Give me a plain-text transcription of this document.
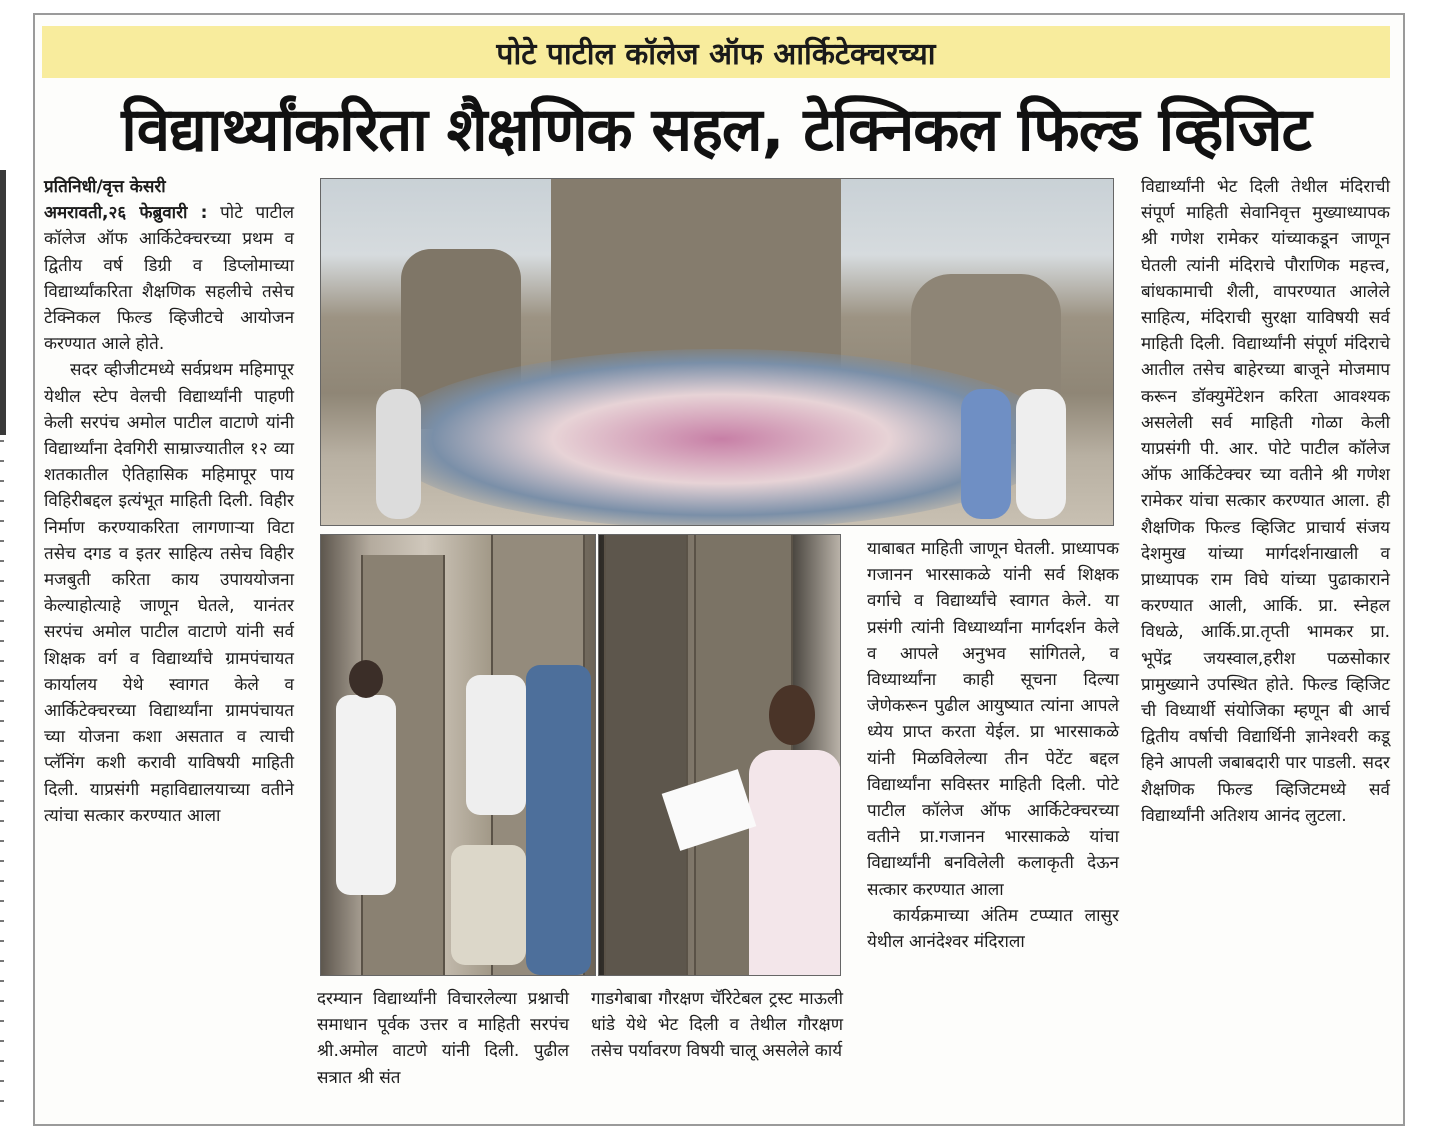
पोटे पाटील कॉलेज ऑफ आर्किटेक्चरच्या
विद्यार्थ्यांकरिता शैक्षणिक सहल, टेक्निकल फिल्ड व्हिजिट

प्रतिनिधी/वृत्त केसरी

अमरावती,२६ फेब्रुवारी : पोटे पाटील कॉलेज ऑफ आर्किटेक्चरच्या प्रथम व द्वितीय वर्ष डिग्री व डिप्लोमाच्या विद्यार्थ्यांकरिता शैक्षणिक सहलीचे तसेच टेक्निकल फिल्ड व्हिजीटचे आयोजन करण्यात आले होते.

सदर व्हीजीटमध्ये सर्वप्रथम महिमापूर येथील स्टेप वेलची विद्यार्थ्यांनी पाहणी केली सरपंच अमोल पाटील वाटाणे यांनी विद्यार्थ्यांना देवगिरी साम्राज्यातील १२ व्या शतकातील ऐतिहासिक महिमापूर पाय विहिरीबद्दल इत्यंभूत माहिती दिली. विहीर निर्माण करण्याकरिता लागणाऱ्या विटा तसेच दगड व इतर साहित्य तसेच विहीर मजबुती करिता काय उपाययोजना केल्याहोत्याहे जाणून घेतले, यानंतर सरपंच अमोल पाटील वाटाणे यांनी सर्व शिक्षक वर्ग व विद्यार्थ्यांचे ग्रामपंचायत कार्यालय येथे स्वागत केले व आर्किटेक्चरच्या विद्यार्थ्यांना ग्रामपंचायत च्या योजना कशा असतात व त्याची प्लॅनिंग कशी करावी याविषयी माहिती दिली. याप्रसंगी महाविद्यालयाच्या वतीने त्यांचा सत्कार करण्यात आला

दरम्यान विद्यार्थ्यांनी विचारलेल्या प्रश्नाची समाधान पूर्वक उत्तर व माहिती सरपंच श्री.अमोल वाटणे यांनी दिली. पुढील सत्रात श्री संत

गाडगेबाबा गौरक्षण चॅरिटेबल ट्रस्ट माऊली धांडे येथे भेट दिली व तेथील गौरक्षण तसेच पर्यावरण विषयी चालू असलेले कार्य

याबाबत माहिती जाणून घेतली. प्राध्यापक गजानन भारसाकळे यांनी सर्व शिक्षक वर्गाचे व विद्यार्थ्यांचे स्वागत केले. या प्रसंगी त्यांनी विध्यार्थ्यांना मार्गदर्शन केले व आपले अनुभव सांगितले, व विध्यार्थ्यांना काही सूचना दिल्या जेणेकरून पुढील आयुष्यात त्यांना आपले ध्येय प्राप्त करता येईल. प्रा भारसाकळे यांनी मिळविलेल्या तीन पेटेंट बद्दल विद्यार्थ्यांना सविस्तर माहिती दिली. पोटे पाटील कॉलेज ऑफ आर्किटेक्चरच्या वतीने प्रा.गजानन भारसाकळे यांचा विद्यार्थ्यांनी बनविलेली कलाकृती देऊन सत्कार करण्यात आला

कार्यक्रमाच्या अंतिम टप्प्यात लासुर येथील आनंदेश्वर मंदिराला

विद्यार्थ्यांनी भेट दिली तेथील मंदिराची संपूर्ण माहिती सेवानिवृत्त मुख्याध्यापक श्री गणेश रामेकर यांच्याकडून जाणून घेतली त्यांनी मंदिराचे पौराणिक महत्त्व, बांधकामाची शैली, वापरण्यात आलेले साहित्य, मंदिराची सुरक्षा याविषयी सर्व माहिती दिली. विद्यार्थ्यांनी संपूर्ण मंदिराचे आतील तसेच बाहेरच्या बाजूने मोजमाप करून डॉक्युमेंटेशन करिता आवश्यक असलेली सर्व माहिती गोळा केली याप्रसंगी पी. आर. पोटे पाटील कॉलेज ऑफ आर्किटेक्चर च्या वतीने श्री गणेश रामेकर यांचा सत्कार करण्यात आला. ही शैक्षणिक फिल्ड व्हिजिट प्राचार्य संजय देशमुख यांच्या मार्गदर्शनाखाली व प्राध्यापक राम विघे यांच्या पुढाकाराने करण्यात आली, आर्कि. प्रा. स्नेहल विधळे, आर्कि.प्रा.तृप्ती भामकर प्रा. भूपेंद्र जयस्वाल,हरीश पळसोकार प्रामुख्याने उपस्थित होते. फिल्ड व्हिजिट ची विध्यार्थी संयोजिका म्हणून बी आर्च द्वितीय वर्षाची विद्यार्थिनी ज्ञानेश्वरी कडू हिने आपली जबाबदारी पार पाडली. सदर शैक्षणिक फिल्ड व्हिजिटमध्ये सर्व विद्यार्थ्यांनी अतिशय आनंद लुटला.
